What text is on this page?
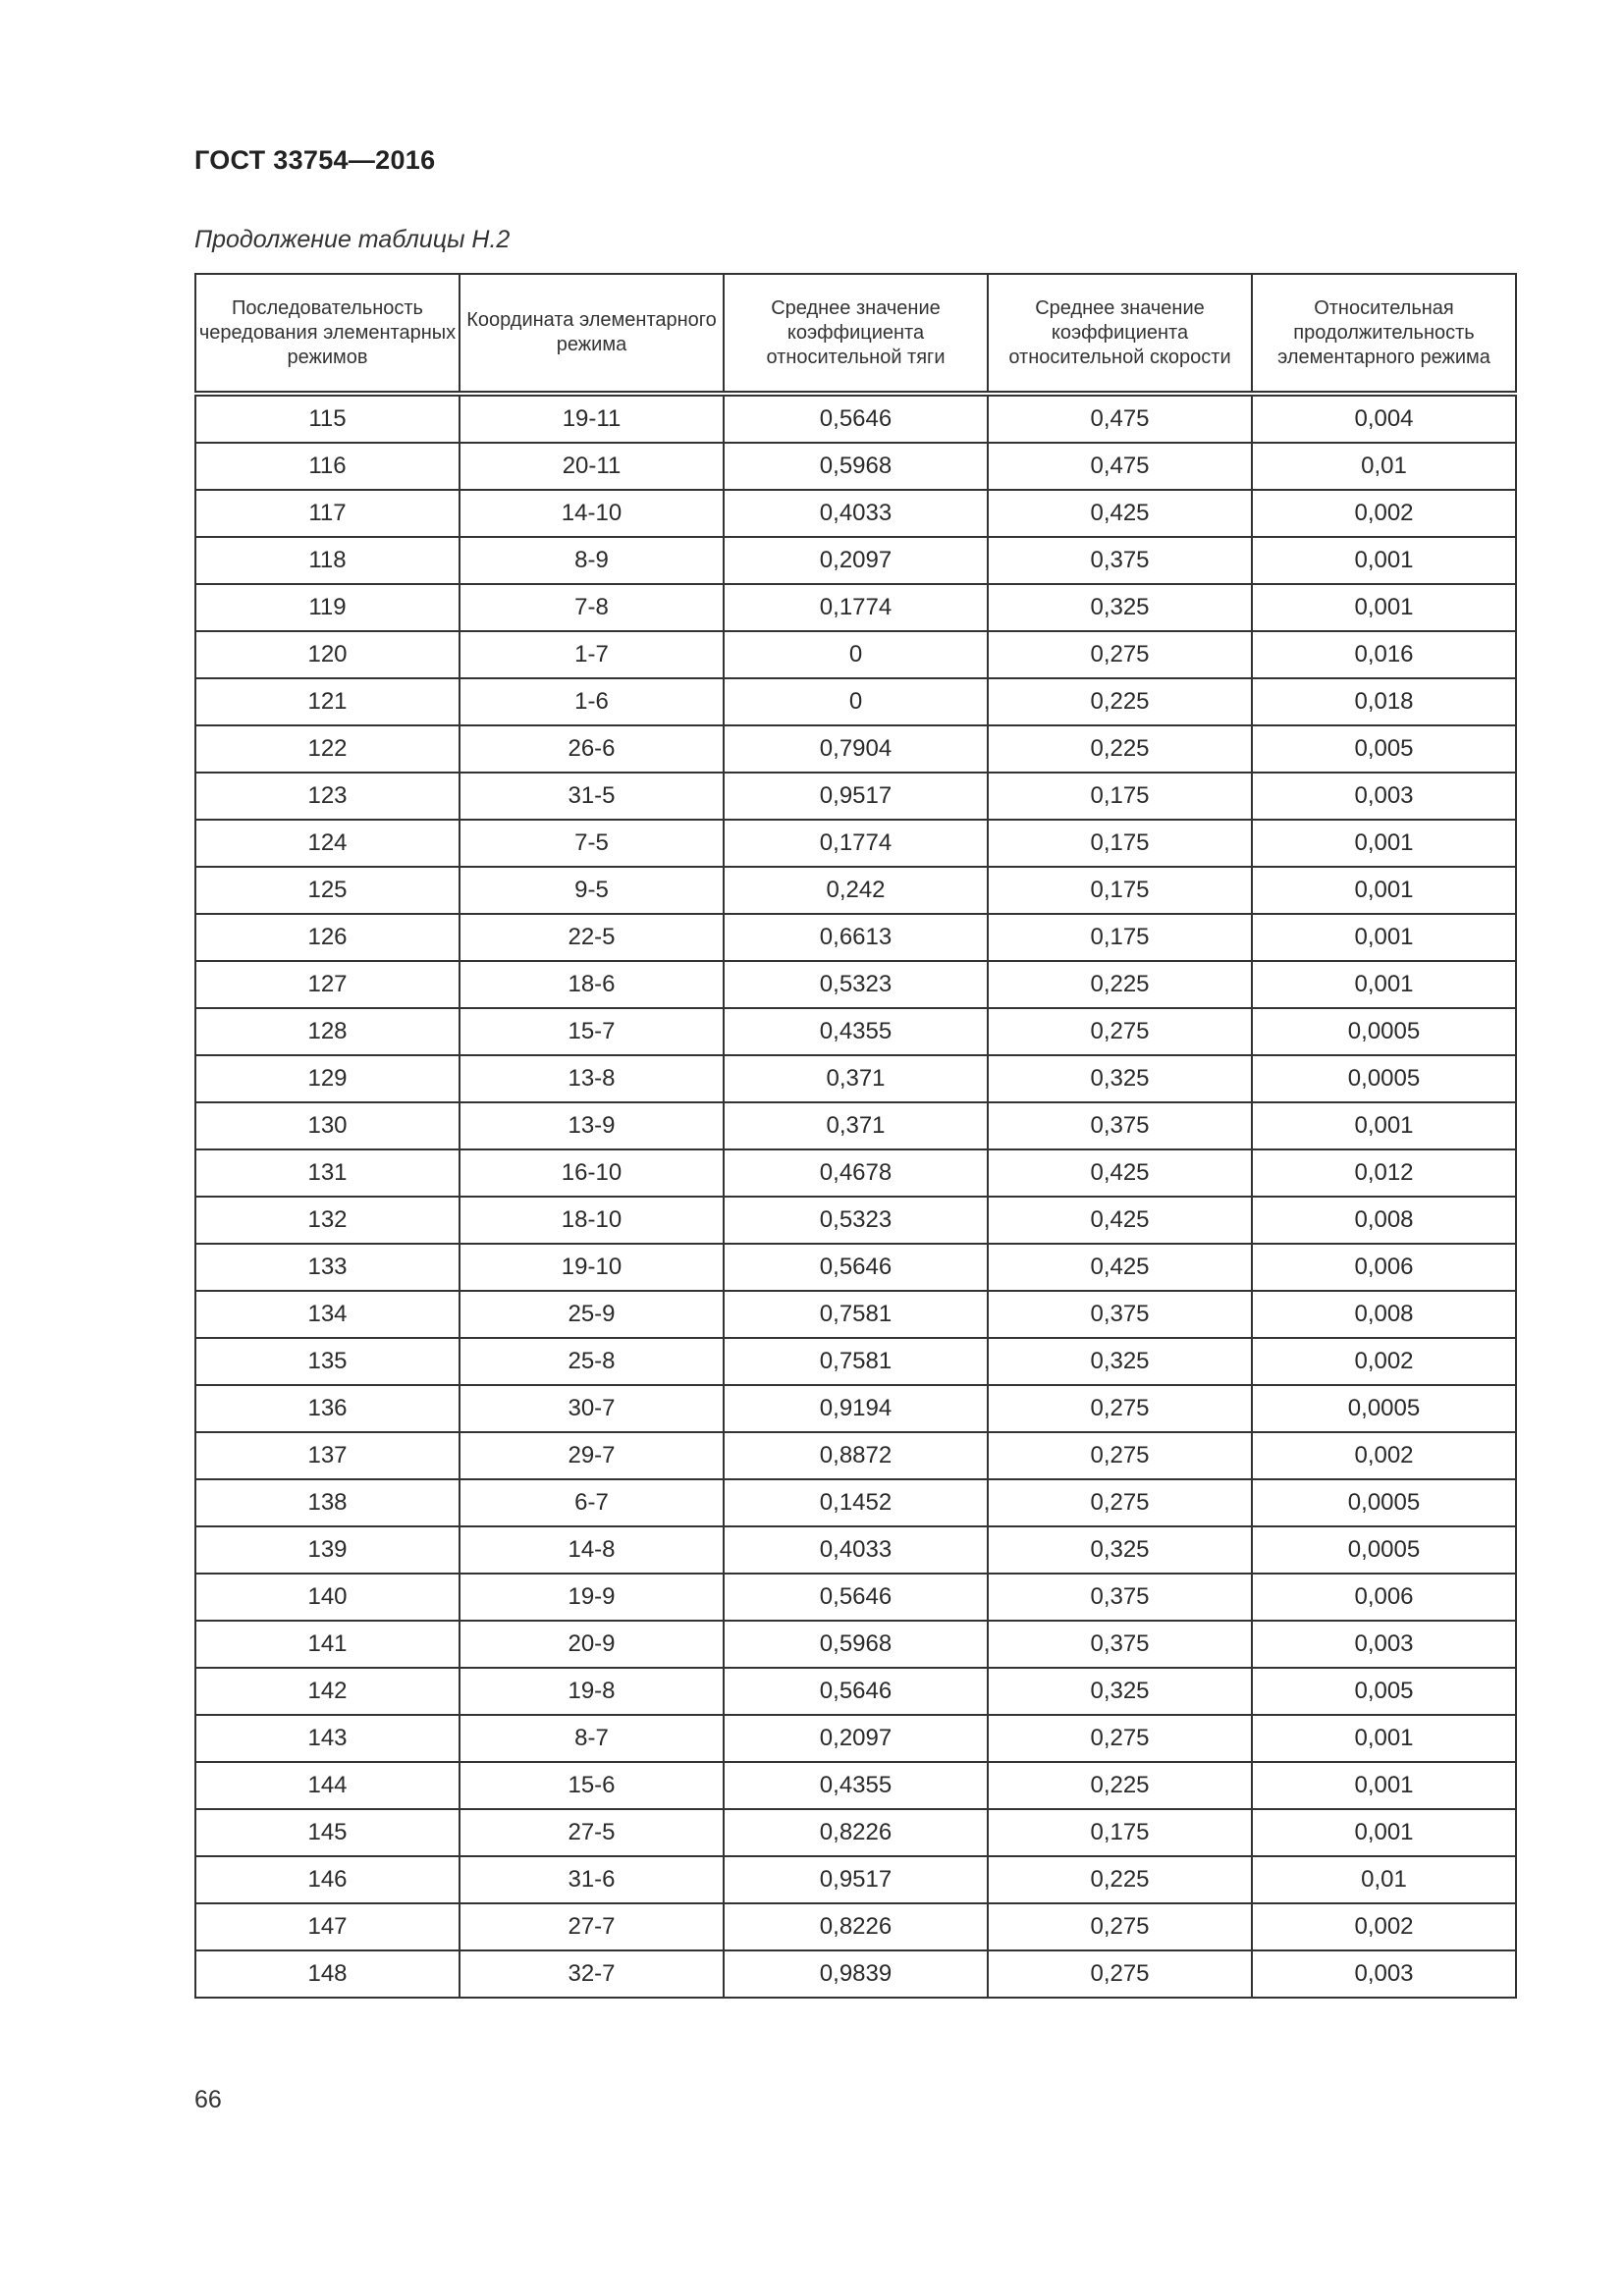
ГОСТ 33754—2016
Продолжение таблицы Н.2
Последовательность чередования элементарных режимов	Координата элементарного режима	Среднее значение коэффициента относительной тяги	Среднее значение коэффициента относительной скорости	Относительная продолжительность элементарного режима
115	19-11	0,5646	0,475	0,004
116	20-11	0,5968	0,475	0,01
117	14-10	0,4033	0,425	0,002
118	8-9	0,2097	0,375	0,001
119	7-8	0,1774	0,325	0,001
120	1-7	0	0,275	0,016
121	1-6	0	0,225	0,018
122	26-6	0,7904	0,225	0,005
123	31-5	0,9517	0,175	0,003
124	7-5	0,1774	0,175	0,001
125	9-5	0,242	0,175	0,001
126	22-5	0,6613	0,175	0,001
127	18-6	0,5323	0,225	0,001
128	15-7	0,4355	0,275	0,0005
129	13-8	0,371	0,325	0,0005
130	13-9	0,371	0,375	0,001
131	16-10	0,4678	0,425	0,012
132	18-10	0,5323	0,425	0,008
133	19-10	0,5646	0,425	0,006
134	25-9	0,7581	0,375	0,008
135	25-8	0,7581	0,325	0,002
136	30-7	0,9194	0,275	0,0005
137	29-7	0,8872	0,275	0,002
138	6-7	0,1452	0,275	0,0005
139	14-8	0,4033	0,325	0,0005
140	19-9	0,5646	0,375	0,006
141	20-9	0,5968	0,375	0,003
142	19-8	0,5646	0,325	0,005
143	8-7	0,2097	0,275	0,001
144	15-6	0,4355	0,225	0,001
145	27-5	0,8226	0,175	0,001
146	31-6	0,9517	0,225	0,01
147	27-7	0,8226	0,275	0,002
148	32-7	0,9839	0,275	0,003
66
